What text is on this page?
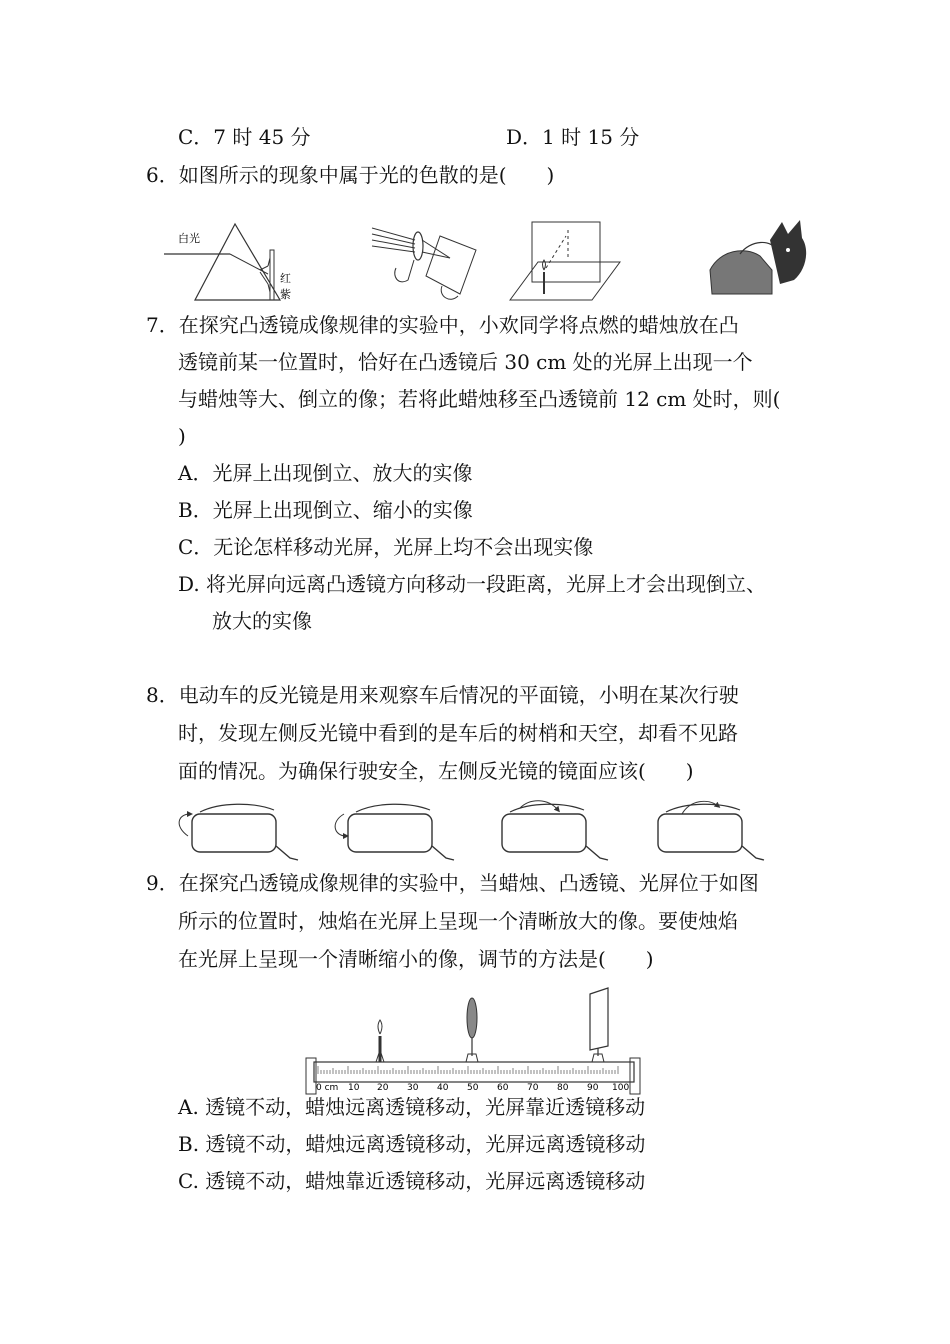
C．7 时 45 分	D．1 时 15 分
6．如图所示的现象中属于光的色散的是(　　)
白光
红
紫
7．在探究凸透镜成像规律的实验中，小欢同学将点燃的蜡烛放在凸
透镜前某一位置时，恰好在凸透镜后 30 cm 处的光屏上出现一个
与蜡烛等大、倒立的像；若将此蜡烛移至凸透镜前 12 cm 处时，则(
)
A．光屏上出现倒立、放大的实像
B．光屏上出现倒立、缩小的实像
C．无论怎样移动光屏，光屏上均不会出现实像
D. 将光屏向远离凸透镜方向移动一段距离，光屏上才会出现倒立、
放大的实像
8．电动车的反光镜是用来观察车后情况的平面镜，小明在某次行驶
时，发现左侧反光镜中看到的是车后的树梢和天空，却看不见路
面的情况。为确保行驶安全，左侧反光镜的镜面应该(　　)
9．在探究凸透镜成像规律的实验中，当蜡烛、凸透镜、光屏位于如图
所示的位置时，烛焰在光屏上呈现一个清晰放大的像。要使烛焰
在光屏上呈现一个清晰缩小的像，调节的方法是(　　)
0 cm 10 20 30 40 50 60 70 80 90 100
A. 透镜不动，蜡烛远离透镜移动，光屏靠近透镜移动
B. 透镜不动，蜡烛远离透镜移动，光屏远离透镜移动
C. 透镜不动，蜡烛靠近透镜移动，光屏远离透镜移动
